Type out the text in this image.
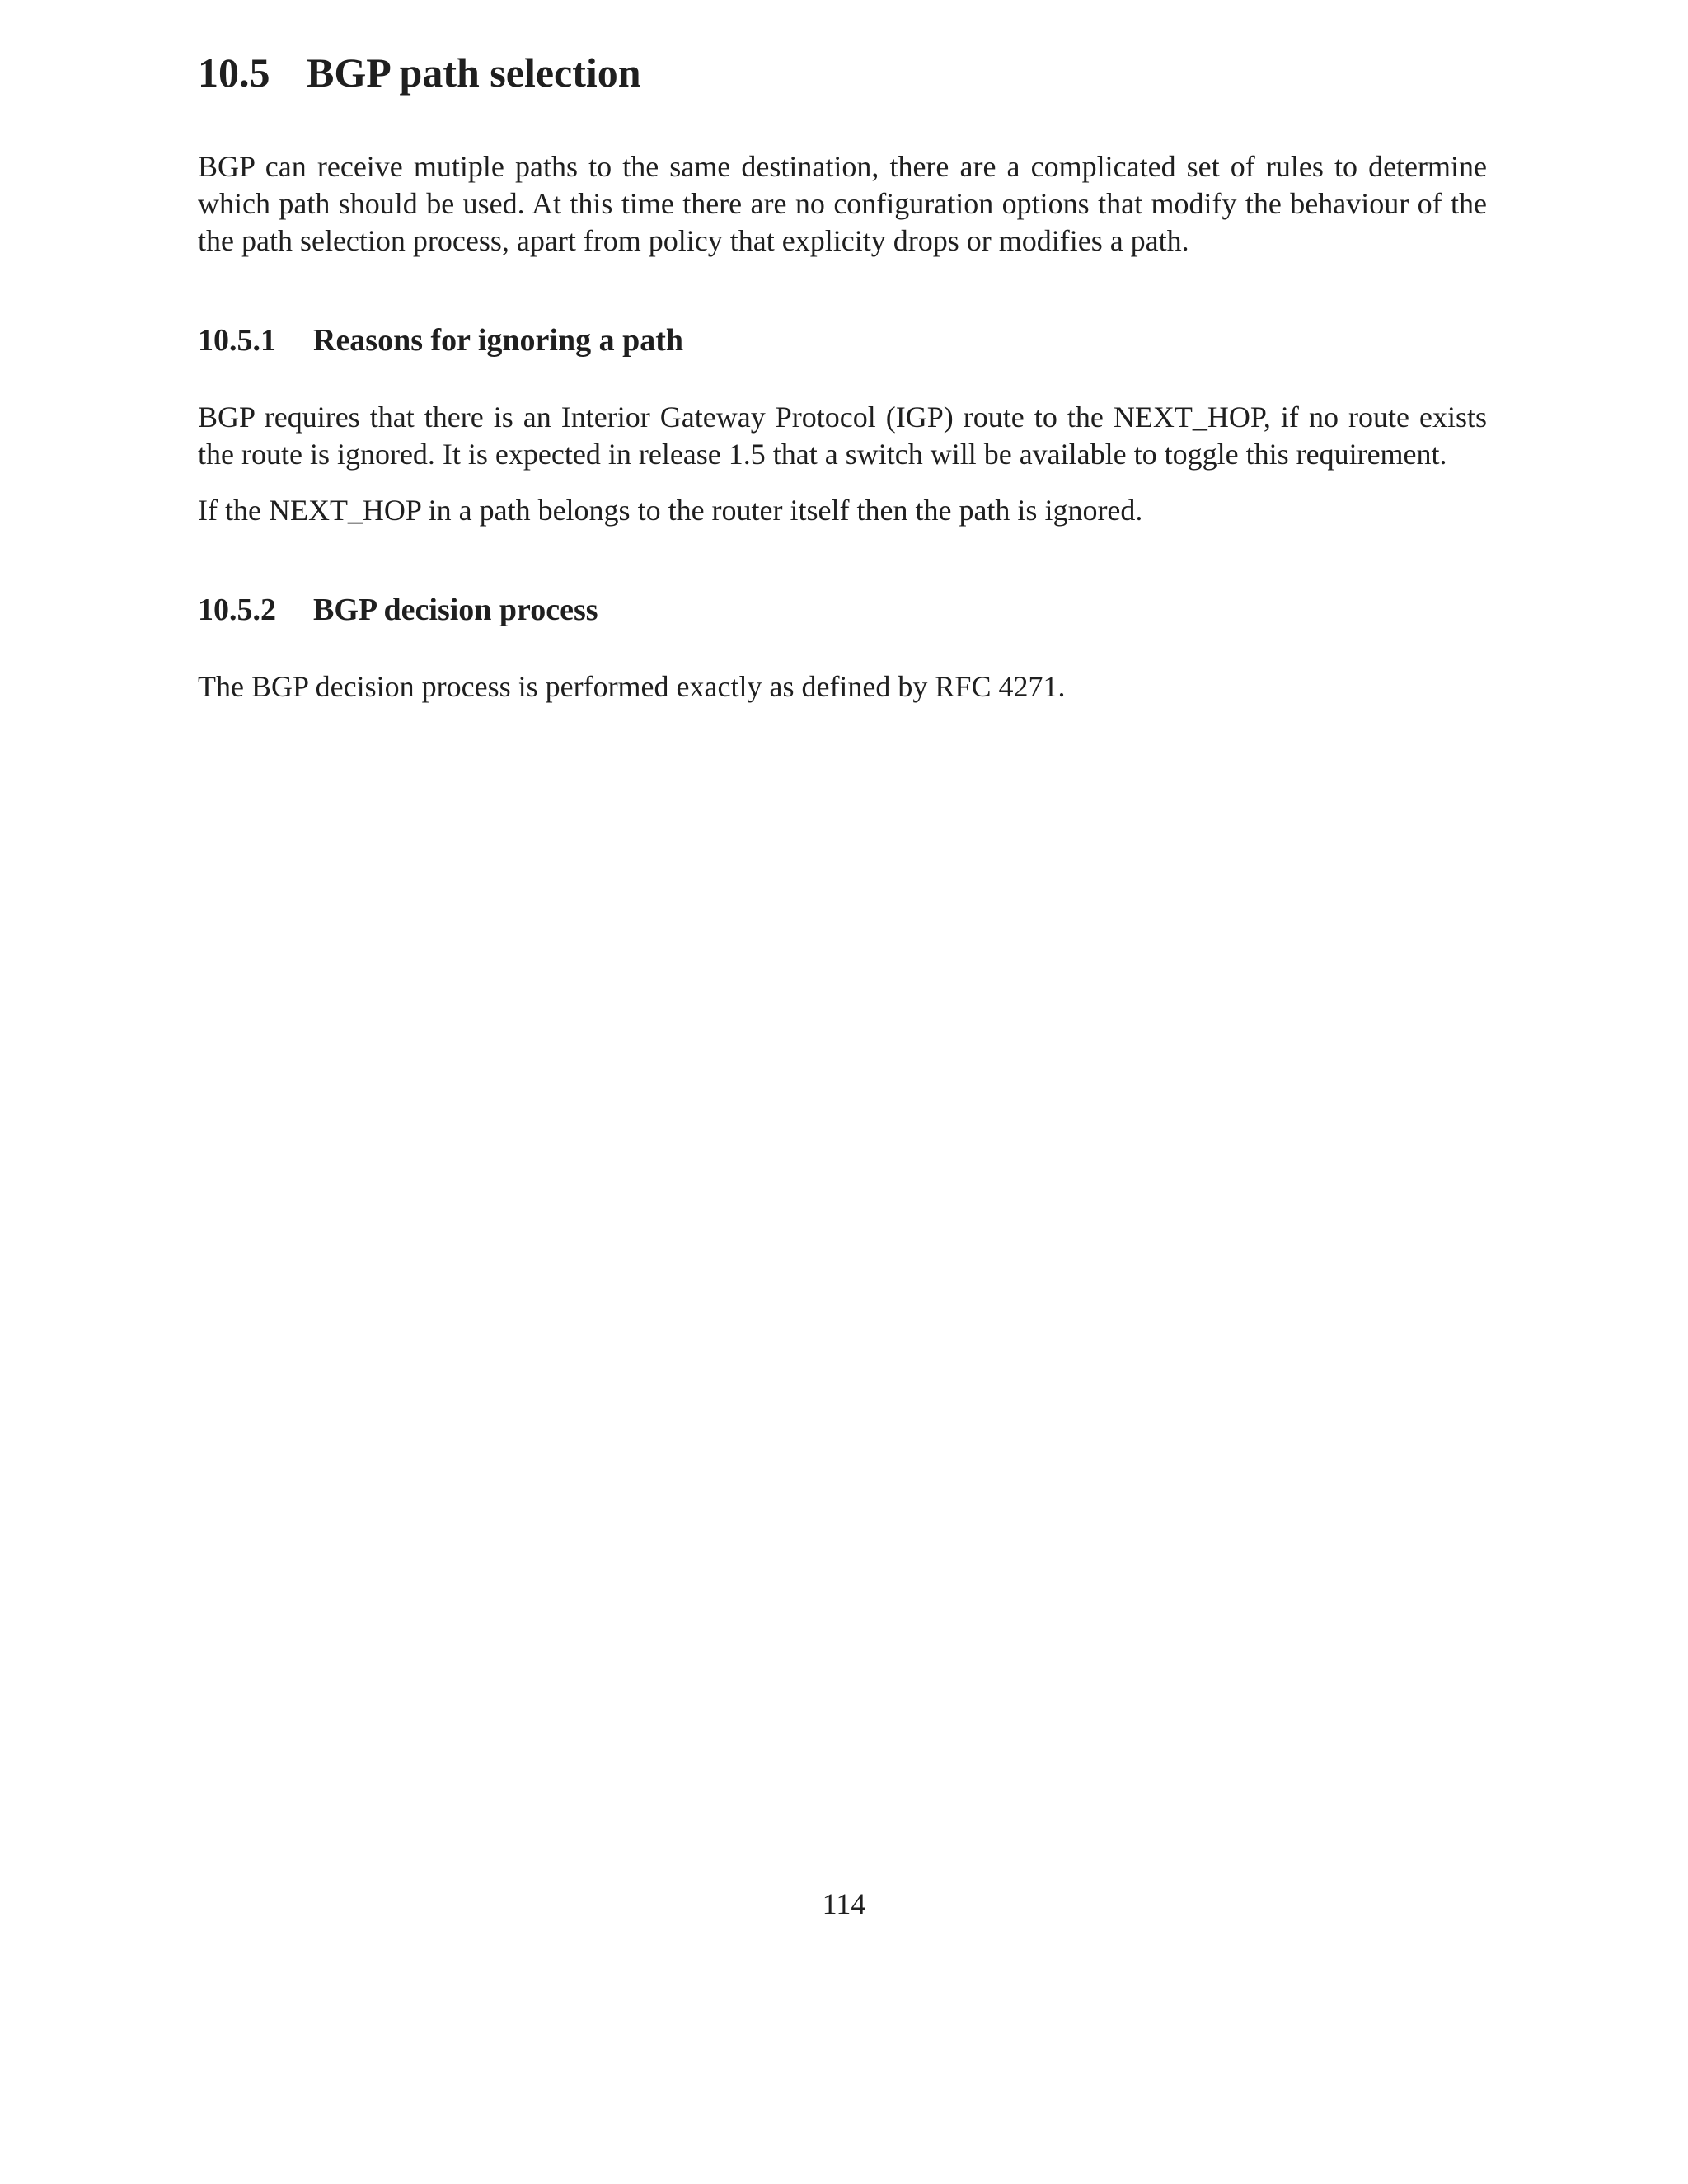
10.5 BGP path selection

BGP can receive mutiple paths to the same destination, there are a complicated set of rules to determine which path should be used. At this time there are no configuration options that modify the behaviour of the the path selection process, apart from policy that explicity drops or modifies a path.

10.5.1 Reasons for ignoring a path

BGP requires that there is an Interior Gateway Protocol (IGP) route to the NEXT_HOP, if no route exists the route is ignored. It is expected in release 1.5 that a switch will be available to toggle this requirement.

If the NEXT_HOP in a path belongs to the router itself then the path is ignored.

10.5.2 BGP decision process

The BGP decision process is performed exactly as defined by RFC 4271.

114
